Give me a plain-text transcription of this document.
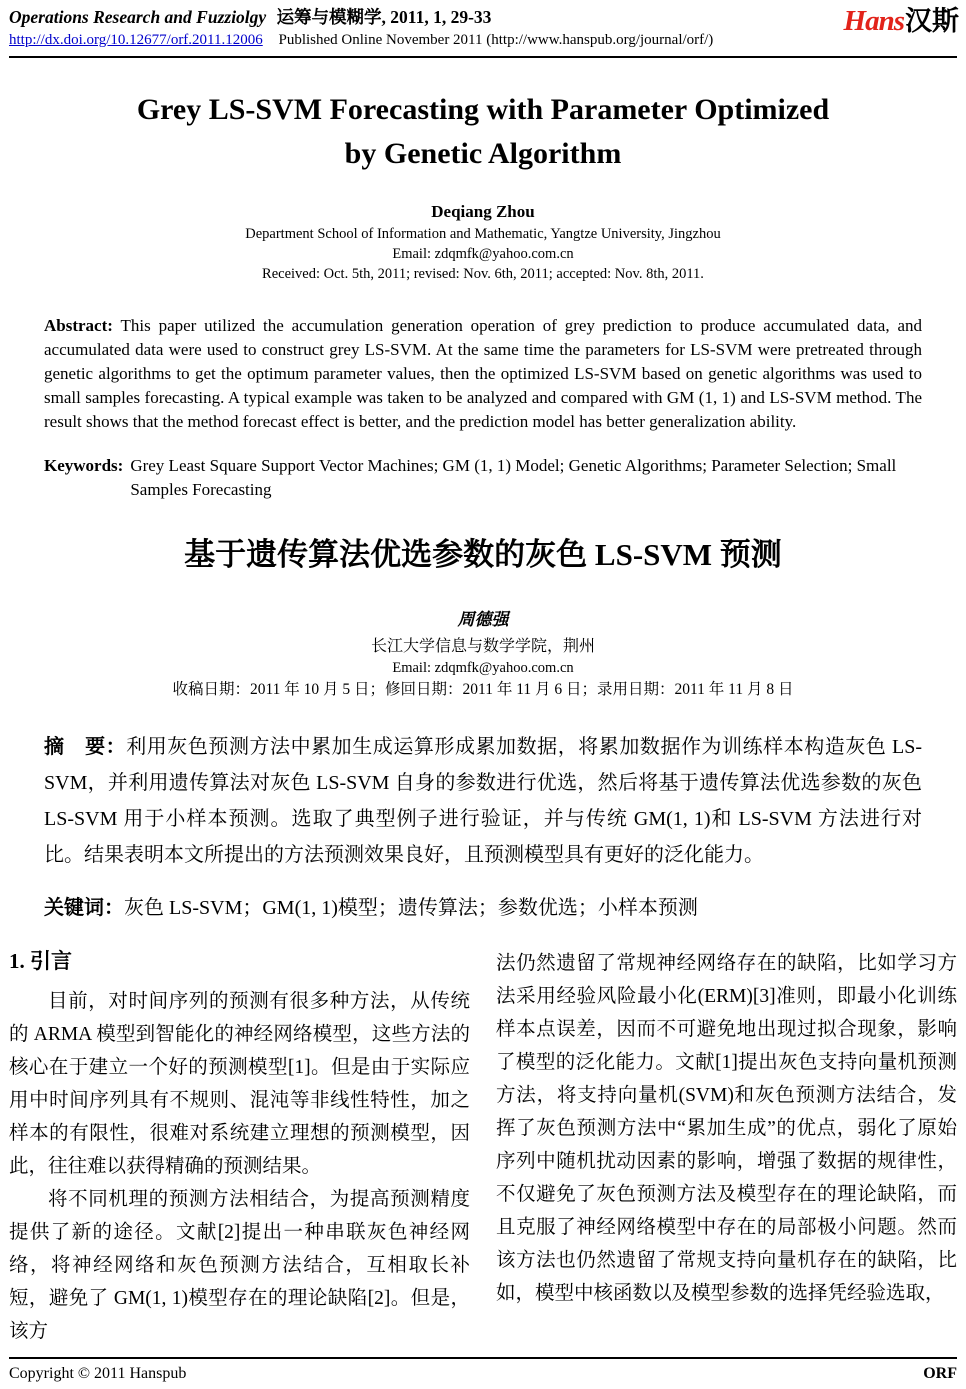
Operations Research and Fuzziolgy 运筹与模糊学, 2011, 1, 29-33
http://dx.doi.org/10.12677/orf.2011.12006 Published Online November 2011 (http://www.hanspub.org/journal/orf/)
Hans汉斯
Grey LS-SVM Forecasting with Parameter Optimized
by Genetic Algorithm
Deqiang Zhou
Department School of Information and Mathematic, Yangtze University, Jingzhou
Email: zdqmfk@yahoo.com.cn
Received: Oct. 5th, 2011; revised: Nov. 6th, 2011; accepted: Nov. 8th, 2011.

Abstract: This paper utilized the accumulation generation operation of grey prediction to produce accumulated data, and accumulated data were used to construct grey LS-SVM. At the same time the parameters for LS-SVM were pretreated through genetic algorithms to get the optimum parameter values, then the optimized LS-SVM based on genetic algorithms was used to small samples forecasting. A typical example was taken to be analyzed and compared with GM (1, 1) and LS-SVM method. The result shows that the method forecast effect is better, and the prediction model has better generalization ability.

Keywords: Grey Least Square Support Vector Machines; GM (1, 1) Model; Genetic Algorithms; Parameter Selection; Small Samples Forecasting
基于遗传算法优选参数的灰色 LS-SVM 预测
周德强
长江大学信息与数学学院，荆州
Email: zdqmfk@yahoo.com.cn
收稿日期：2011 年 10 月 5 日；修回日期：2011 年 11 月 6 日；录用日期：2011 年 11 月 8 日

摘　要：利用灰色预测方法中累加生成运算形成累加数据，将累加数据作为训练样本构造灰色 LS-SVM，并利用遗传算法对灰色 LS-SVM 自身的参数进行优选，然后将基于遗传算法优选参数的灰色 LS-SVM 用于小样本预测。选取了典型例子进行验证，并与传统 GM(1, 1)和 LS-SVM 方法进行对比。结果表明本文所提出的方法预测效果良好，且预测模型具有更好的泛化能力。

关键词：灰色 LS-SVM；GM(1, 1)模型；遗传算法；参数优选；小样本预测

1. 引言

目前，对时间序列的预测有很多种方法，从传统的 ARMA 模型到智能化的神经网络模型，这些方法的核心在于建立一个好的预测模型[1]。但是由于实际应用中时间序列具有不规则、混沌等非线性特性，加之样本的有限性，很难对系统建立理想的预测模型，因此，往往难以获得精确的预测结果。

将不同机理的预测方法相结合，为提高预测精度提供了新的途径。文献[2]提出一种串联灰色神经网络，将神经网络和灰色预测方法结合，互相取长补短，避免了 GM(1, 1)模型存在的理论缺陷[2]。但是，该方

法仍然遗留了常规神经网络存在的缺陷，比如学习方法采用经验风险最小化(ERM)[3]准则，即最小化训练样本点误差，因而不可避免地出现过拟合现象，影响了模型的泛化能力。文献[1]提出灰色支持向量机预测方法，将支持向量机(SVM)和灰色预测方法结合，发挥了灰色预测方法中“累加生成”的优点，弱化了原始序列中随机扰动因素的影响，增强了数据的规律性，不仅避免了灰色预测方法及模型存在的理论缺陷，而且克服了神经网络模型中存在的局部极小问题。然而该方法也仍然遗留了常规支持向量机存在的缺陷，比如，模型中核函数以及模型参数的选择凭经验选取，

Copyright © 2011 Hanspub	ORF
